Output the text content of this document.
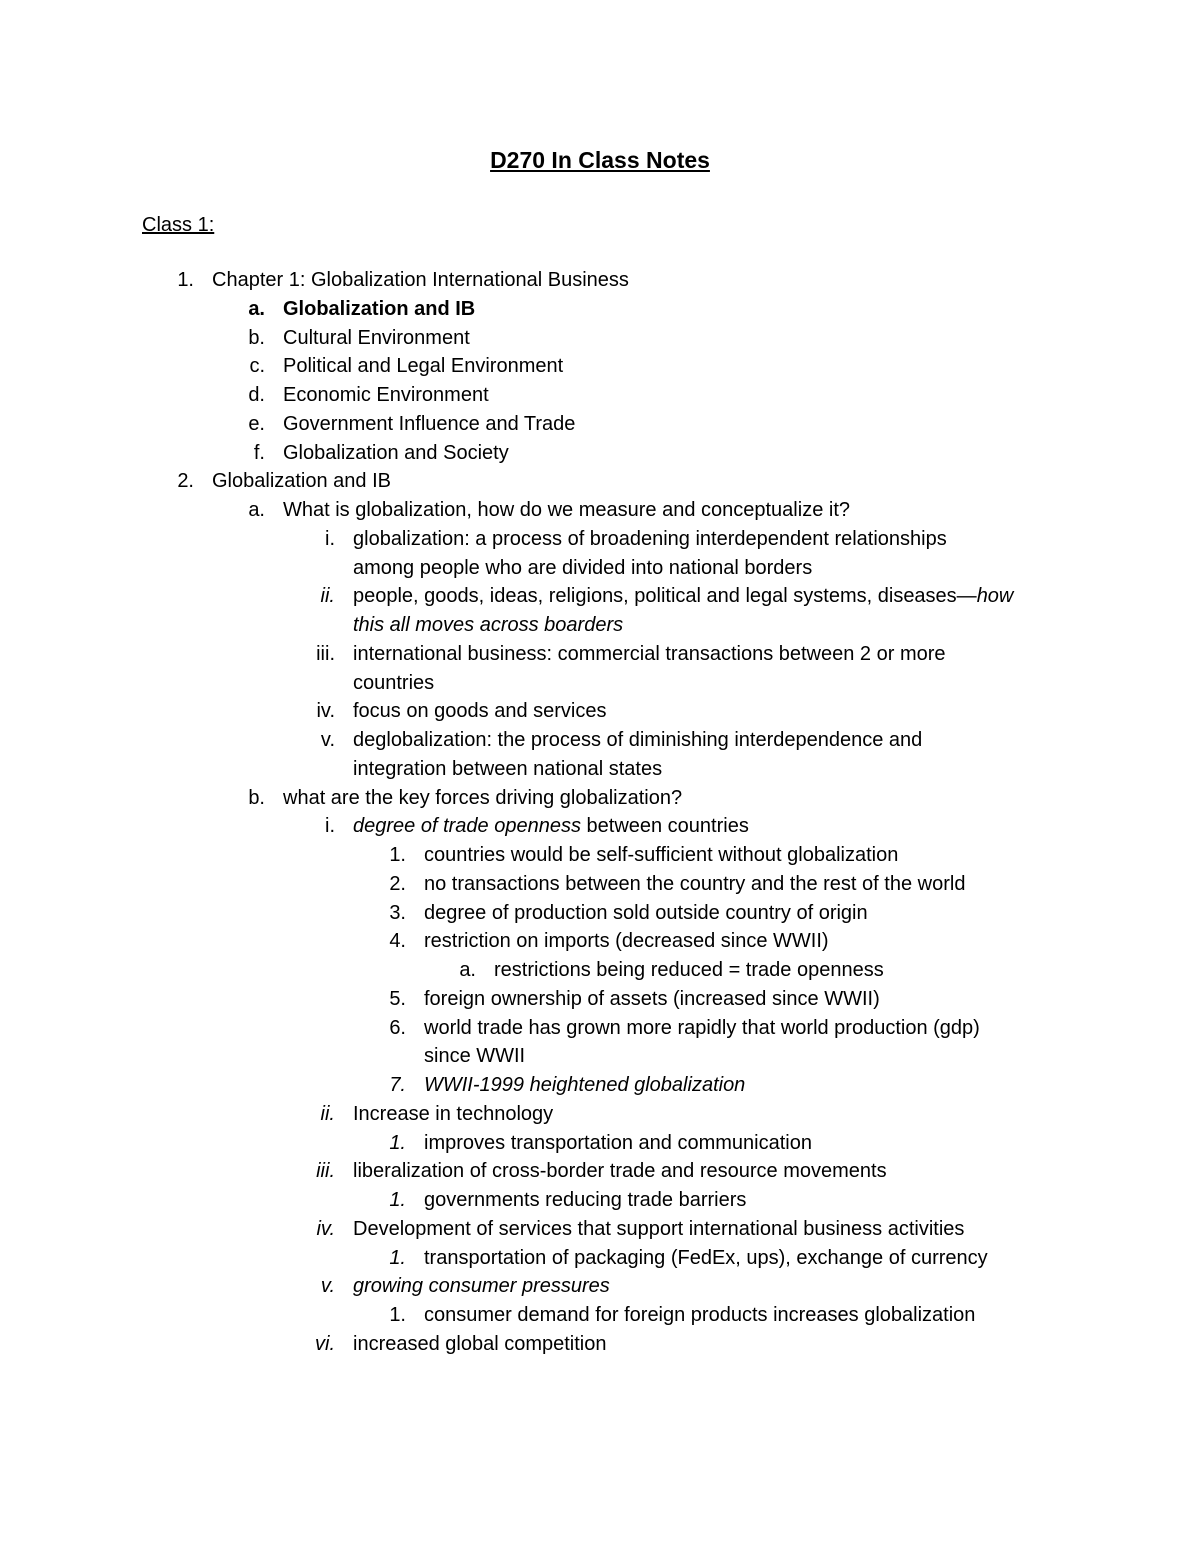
D270 In Class Notes
Class 1:
1. Chapter 1: Globalization International Business
a. Globalization and IB
b. Cultural Environment
c. Political and Legal Environment
d. Economic Environment
e. Government Influence and Trade
f. Globalization and Society
2. Globalization and IB
a. What is globalization, how do we measure and conceptualize it?
i. globalization: a process of broadening interdependent relationships
among people who are divided into national borders
ii. people, goods, ideas, religions, political and legal systems, diseases—how
this all moves across boarders
iii. international business: commercial transactions between 2 or more
countries
iv. focus on goods and services
v. deglobalization: the process of diminishing interdependence and
integration between national states
b. what are the key forces driving globalization?
i. degree of trade openness between countries
1. countries would be self-sufficient without globalization
2. no transactions between the country and the rest of the world
3. degree of production sold outside country of origin
4. restriction on imports (decreased since WWII)
a. restrictions being reduced = trade openness
5. foreign ownership of assets (increased since WWII)
6. world trade has grown more rapidly that world production (gdp)
since WWII
7. WWII-1999 heightened globalization
ii. Increase in technology
1. improves transportation and communication
iii. liberalization of cross-border trade and resource movements
1. governments reducing trade barriers
iv. Development of services that support international business activities
1. transportation of packaging (FedEx, ups), exchange of currency
v. growing consumer pressures
1. consumer demand for foreign products increases globalization
vi. increased global competition
